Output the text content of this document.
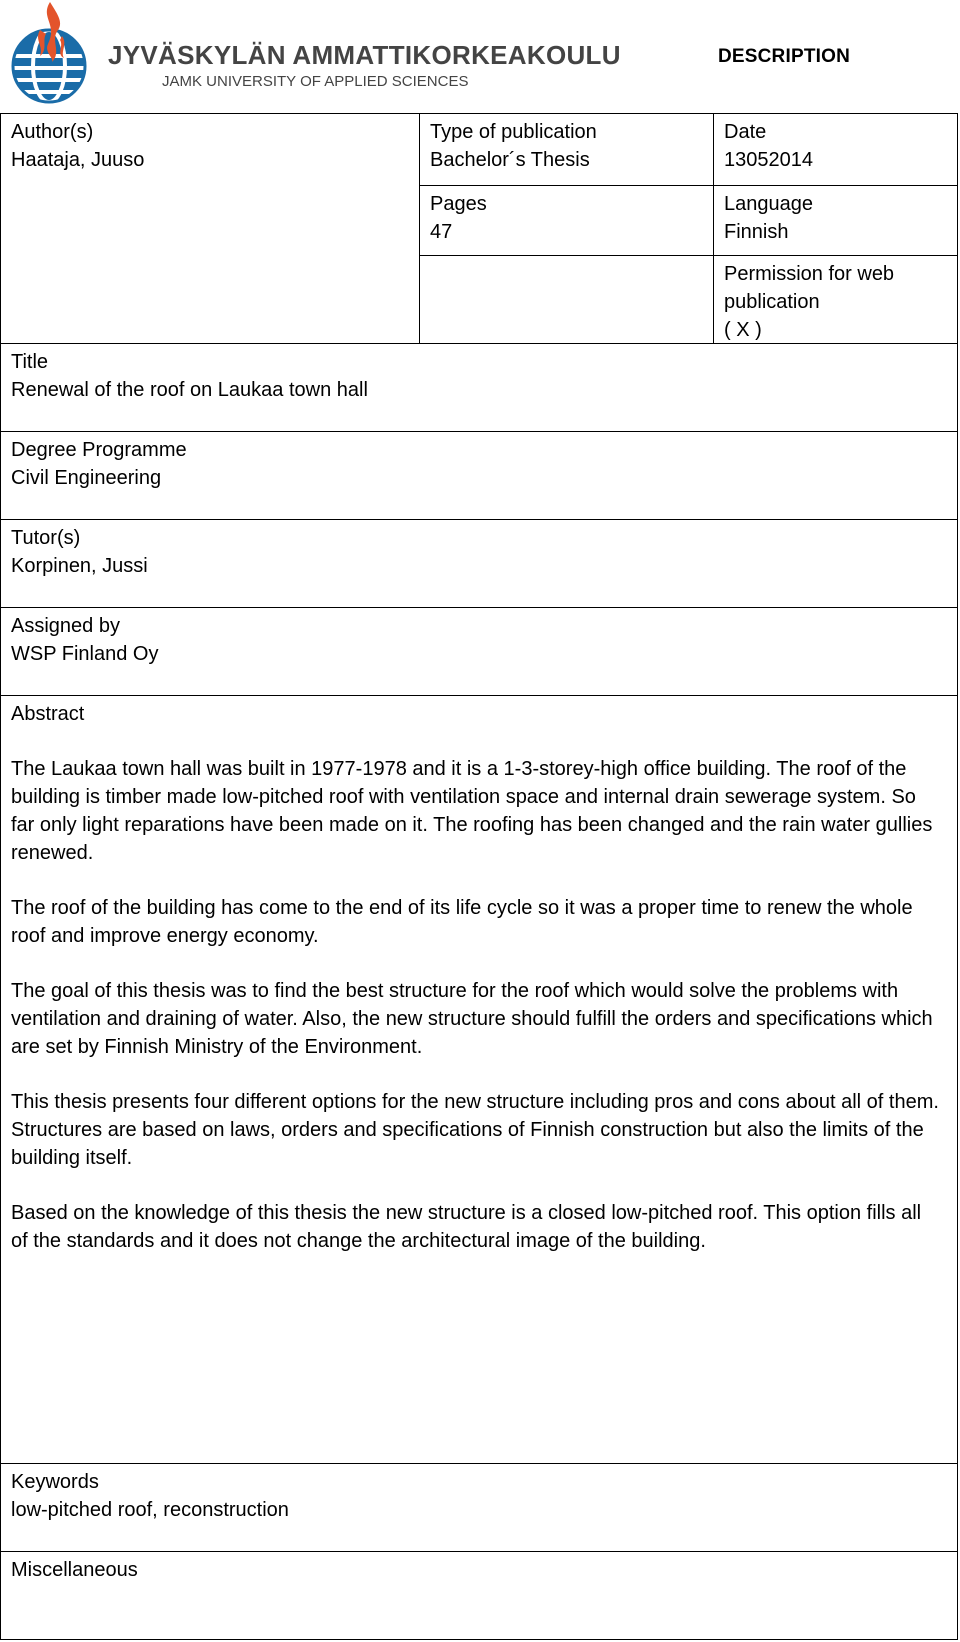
JYVÄSKYLÄN AMMATTIKORKEAKOULU
JAMK UNIVERSITY OF APPLIED SCIENCES
DESCRIPTION
Author(s)
Haataja, Juuso
Type of publication
Bachelor´s Thesis
Date
13052014
Pages
47
Language
Finnish
Permission for web
publication
( X )
Title
Renewal of the roof on Laukaa town hall
Degree Programme
Civil Engineering
Tutor(s)
Korpinen, Jussi
Assigned by
WSP Finland Oy
Abstract

The Laukaa town hall was built in 1977-1978 and it is a 1-3-storey-high office building. The roof of the building is timber made low-pitched roof with ventilation space and internal drain sewerage system. So far only light reparations have been made on it. The roofing has been changed and the rain water gullies renewed.

The roof of the building has come to the end of its life cycle so it was a proper time to renew the whole roof and improve energy economy.

The goal of this thesis was to find the best structure for the roof which would solve the problems with ventilation and draining of water. Also, the new structure should fulfill the orders and specifications which are set by Finnish Ministry of the Environment.

This thesis presents four different options for the new structure including pros and cons about all of them. Structures are based on laws, orders and specifications of Finnish construction but also the limits of the building itself.

Based on the knowledge of this thesis the new structure is a closed low-pitched roof. This option fills all of the standards and it does not change the architectural image of the building.

Keywords
low-pitched roof, reconstruction
Miscellaneous
